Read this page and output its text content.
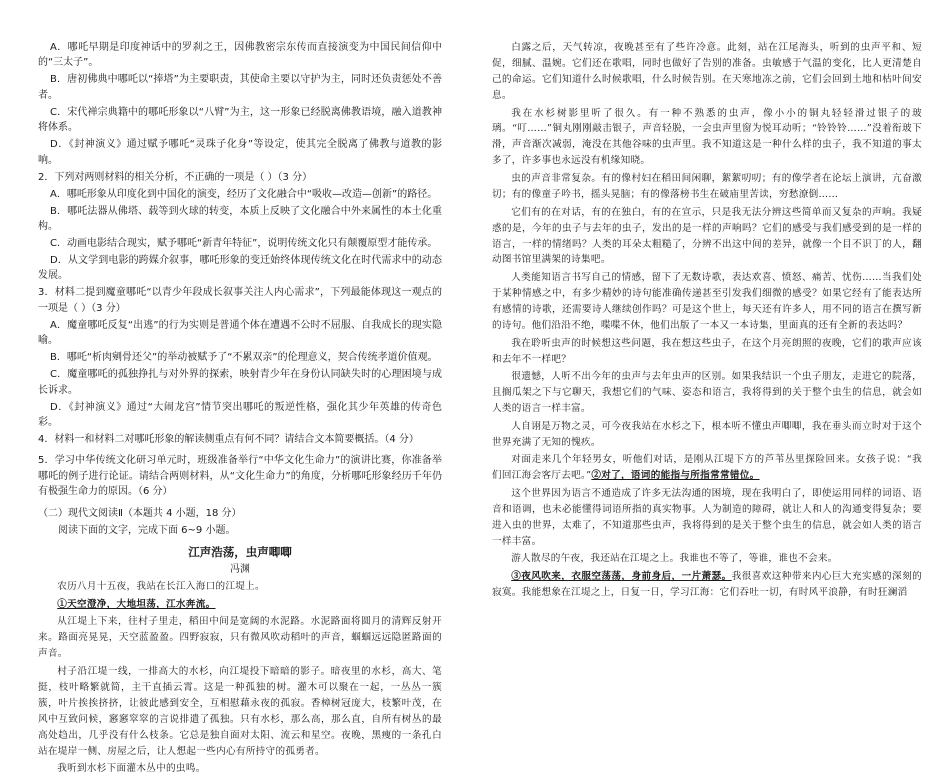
A．哪吒早期是印度神话中的罗刹之王，因佛教密宗东传而直接演变为中国民间信仰中的“三太子”。

B．唐初佛典中哪吒以“捧塔”为主要职责，其使命主要以守护为主，同时还负责惩处不善者。

C．宋代禅宗典籍中的哪吒形象以“八臂”为主，这一形象已经脱离佛教语境，融入道教神将体系。

D．《封神演义》通过赋予哪吒“灵珠子化身”等设定，使其完全脱离了佛教与道教的影响。

2．下列对两则材料的相关分析，不正确的一项是（ ）（3 分）

A．哪吒形象从印度化到中国化的演变，经历了文化融合中“吸收—改造—创新”的路径。

B．哪吒法器从佛塔、载等到火球的转变，本质上反映了文化融合中外来属性的本土化重构。

C．动画电影结合现实，赋予哪吒“新青年特征”，说明传统文化只有颠覆原型才能传承。

D．从文学到电影的跨媒介叙事，哪吒形象的变迁始终体现传统文化在时代需求中的动态发展。

3．材料二提到魔童哪吒“以青少年段成长叙事关注人内心需求”，下列最能体现这一观点的一项是（ ）（3 分）

A．魔童哪吒反复“出逃”的行为实则是普通个体在遭遇不公时不屈服、自我成长的现实隐喻。

B．哪吒“析肉剜骨还父”的举动被赋予了“不累双亲”的伦理意义，契合传统孝道价值观。

C．魔童哪吒的孤独挣扎与对外界的探索，映射青少年在身份认同缺失时的心理困境与成长诉求。

D．《封神演义》通过“大闹龙宫”情节突出哪吒的叛逆性格，强化其少年英雄的传奇色彩。

4．材料一和材料二对哪吒形象的解读侧重点有何不同？请结合文本简要概括。（4 分）

5．学习中华传统文化研习单元时，班级准备举行“中华文化生命力”的演讲比赛，你准备举哪吒的例子进行论证。请结合两则材料，从“文化生命力”的角度，分析哪吒形象经历千年仍有极强生命力的原因。（6 分）

（二）现代文阅读Ⅱ（本题共 4 小题，18 分）

阅读下面的文字，完成下面 6~9 小题。

江声浩荡，虫声唧唧

冯渊

农历八月十五夜，我站在长江入海口的江堤上。

①天空澄净，大地坦荡，江水奔流。

从江堤上下来，往村子里走，稻田中间是宽阔的水泥路。水泥路面将圆月的清辉反射开来。路面亮晃晃，天空蓝盈盈。四野寂寂，只有微风吹动稻叶的声音，蝈蝈远远隐匿路面的声音。

村子沿江堤一线，一排高大的水杉，向江堤投下暗暗的影子。暗夜里的水杉，高大、笔挺，枝叶略繁就简，主干直插云霄。这是一种孤独的树。灌木可以聚在一起，一丛丛一簇簇，叶片挨挨挤挤，让彼此感到安全，互相慰藉永夜的孤寂。香樟树冠庞大，枝繁叶茂，在风中互致问候，窸窸窣窣的言说排遣了孤独。只有水杉，那么高，那么直，自所有树丛的最高处趋出，几乎没有什么枝条。它总是独自面对太阳、流云和星空。夜晚，黑瘦的一条孔白站在堤岸一侧、房屋之后，让人想起一些内心有所持守的孤勇者。

我听到水杉下面灌木丛中的虫鸣。

白露之后，天气转凉，夜晚甚至有了些许冷意。此刻，站在江尾海头，听到的虫声平和、短促，细腻、温婉。它们还在歌唱，同时也做好了告别的准备。虫敏感于气温的变化，比人更清楚自己的命运。它们知道什么时候歌唱，什么时候告别。在天寒地冻之前，它们会回到土地和枯叶间安息。

我在水杉树影里听了很久。有一种不熟悉的虫声，像小小的铜丸轻轻滑过银子的玻璃。“叮……”铜丸刚刚敲击银子，声音轻脱，一会虫声里窗为悦耳动听；“铃铃铃……”没着衔玻下滑，声音渐次减弱，淹没在其他谷味的虫声里。我不知道这是一种什么样的虫子，我不知道的事太多了，许多事也永远没有机缘知晓。

虫的声音非常复杂。有的像村妇在稻田间闲聊，絮絮叨叨；有的像学者在论坛上演讲，亢奋激切；有的像童子吟书，摇头晃脑；有的像落榜书生在破庙里苦读，穷愁潦倒……

它们有的在对话，有的在独白，有的在宣示，只是我无法分辨这些简单而又复杂的声响。我疑惑的是，今年的虫子与去年的虫子，发出的是一样的声响吗？它们的感受与我们感受到的是一样的语言，一样的情绪吗？人类的耳朵太粗糙了，分辨不出这中间的差异，就像一个目不识丁的人，翻动图书馆里满架的诗集吧。

人类能知语言书写自己的情感，留下了无数诗歌，表达欢喜、愤怒、痛苦、忧伤……当我们处于某种情感之中，有多少精妙的诗句能准确传递甚至引发我们细微的感受？如果它经有了能表达所有感情的诗歌，还需要诗人继续创作吗？可是这个世上，每天还有许多人，用不同的语言在撰写新的诗句。他们沿沿不绝，喋喋不休，他们出版了一本又一本诗集，里面真的还有全新的表达吗？

我在聆听虫声的时候想这些问题，我在想这些虫子，在这个月亮朗照的夜晚，它们的歌声应该和去年不一样吧？

很遗憾，人听不出今年的虫声与去年虫声的区别。如果我结识一个虫子朋友，走进它的院落，且搁瓜架之下与它聊天，我想它们的气味、姿态和语言，我将得到的关于整个虫生的信息，就会如人类的语言一样丰富。

人自诩是万物之灵，可今夜我站在水杉之下，根本听不懂虫声唧唧，我在垂头而立时对于这个世界充满了无知的愧疚。

对面走来几个年轻男女，听他们对话，是刚从江堤下方的芦苇丛里探险回来。女孩子说：“我们回江海会客厅去吧。”②对了，语词的能指与所指常常错位。

这个世界因为语言不通造成了许多无法沟通的困境，现在我明白了，即使运用同样的词语、语音和语调，也未必能懂得词语所指的真实物事。人为制造的障碍，就让人和人的沟通变得复杂；要进入虫的世界，太难了，不知道那些虫声，我将得到的是关于整个虫生的信息，就会如人类的语言一样丰富。

游人散尽的午夜，我还站在江堤之上。我谁也不等了，等谁，谁也不会来。

③夜风吹来，衣服空荡荡，身前身后，一片萧瑟。我很喜欢这种带来内心巨大充实感的深刻的寂寞。我能想象在江堤之上，日复一日，学习江海：它们吞吐一切，有时风平浪静，有时狂澜滔
